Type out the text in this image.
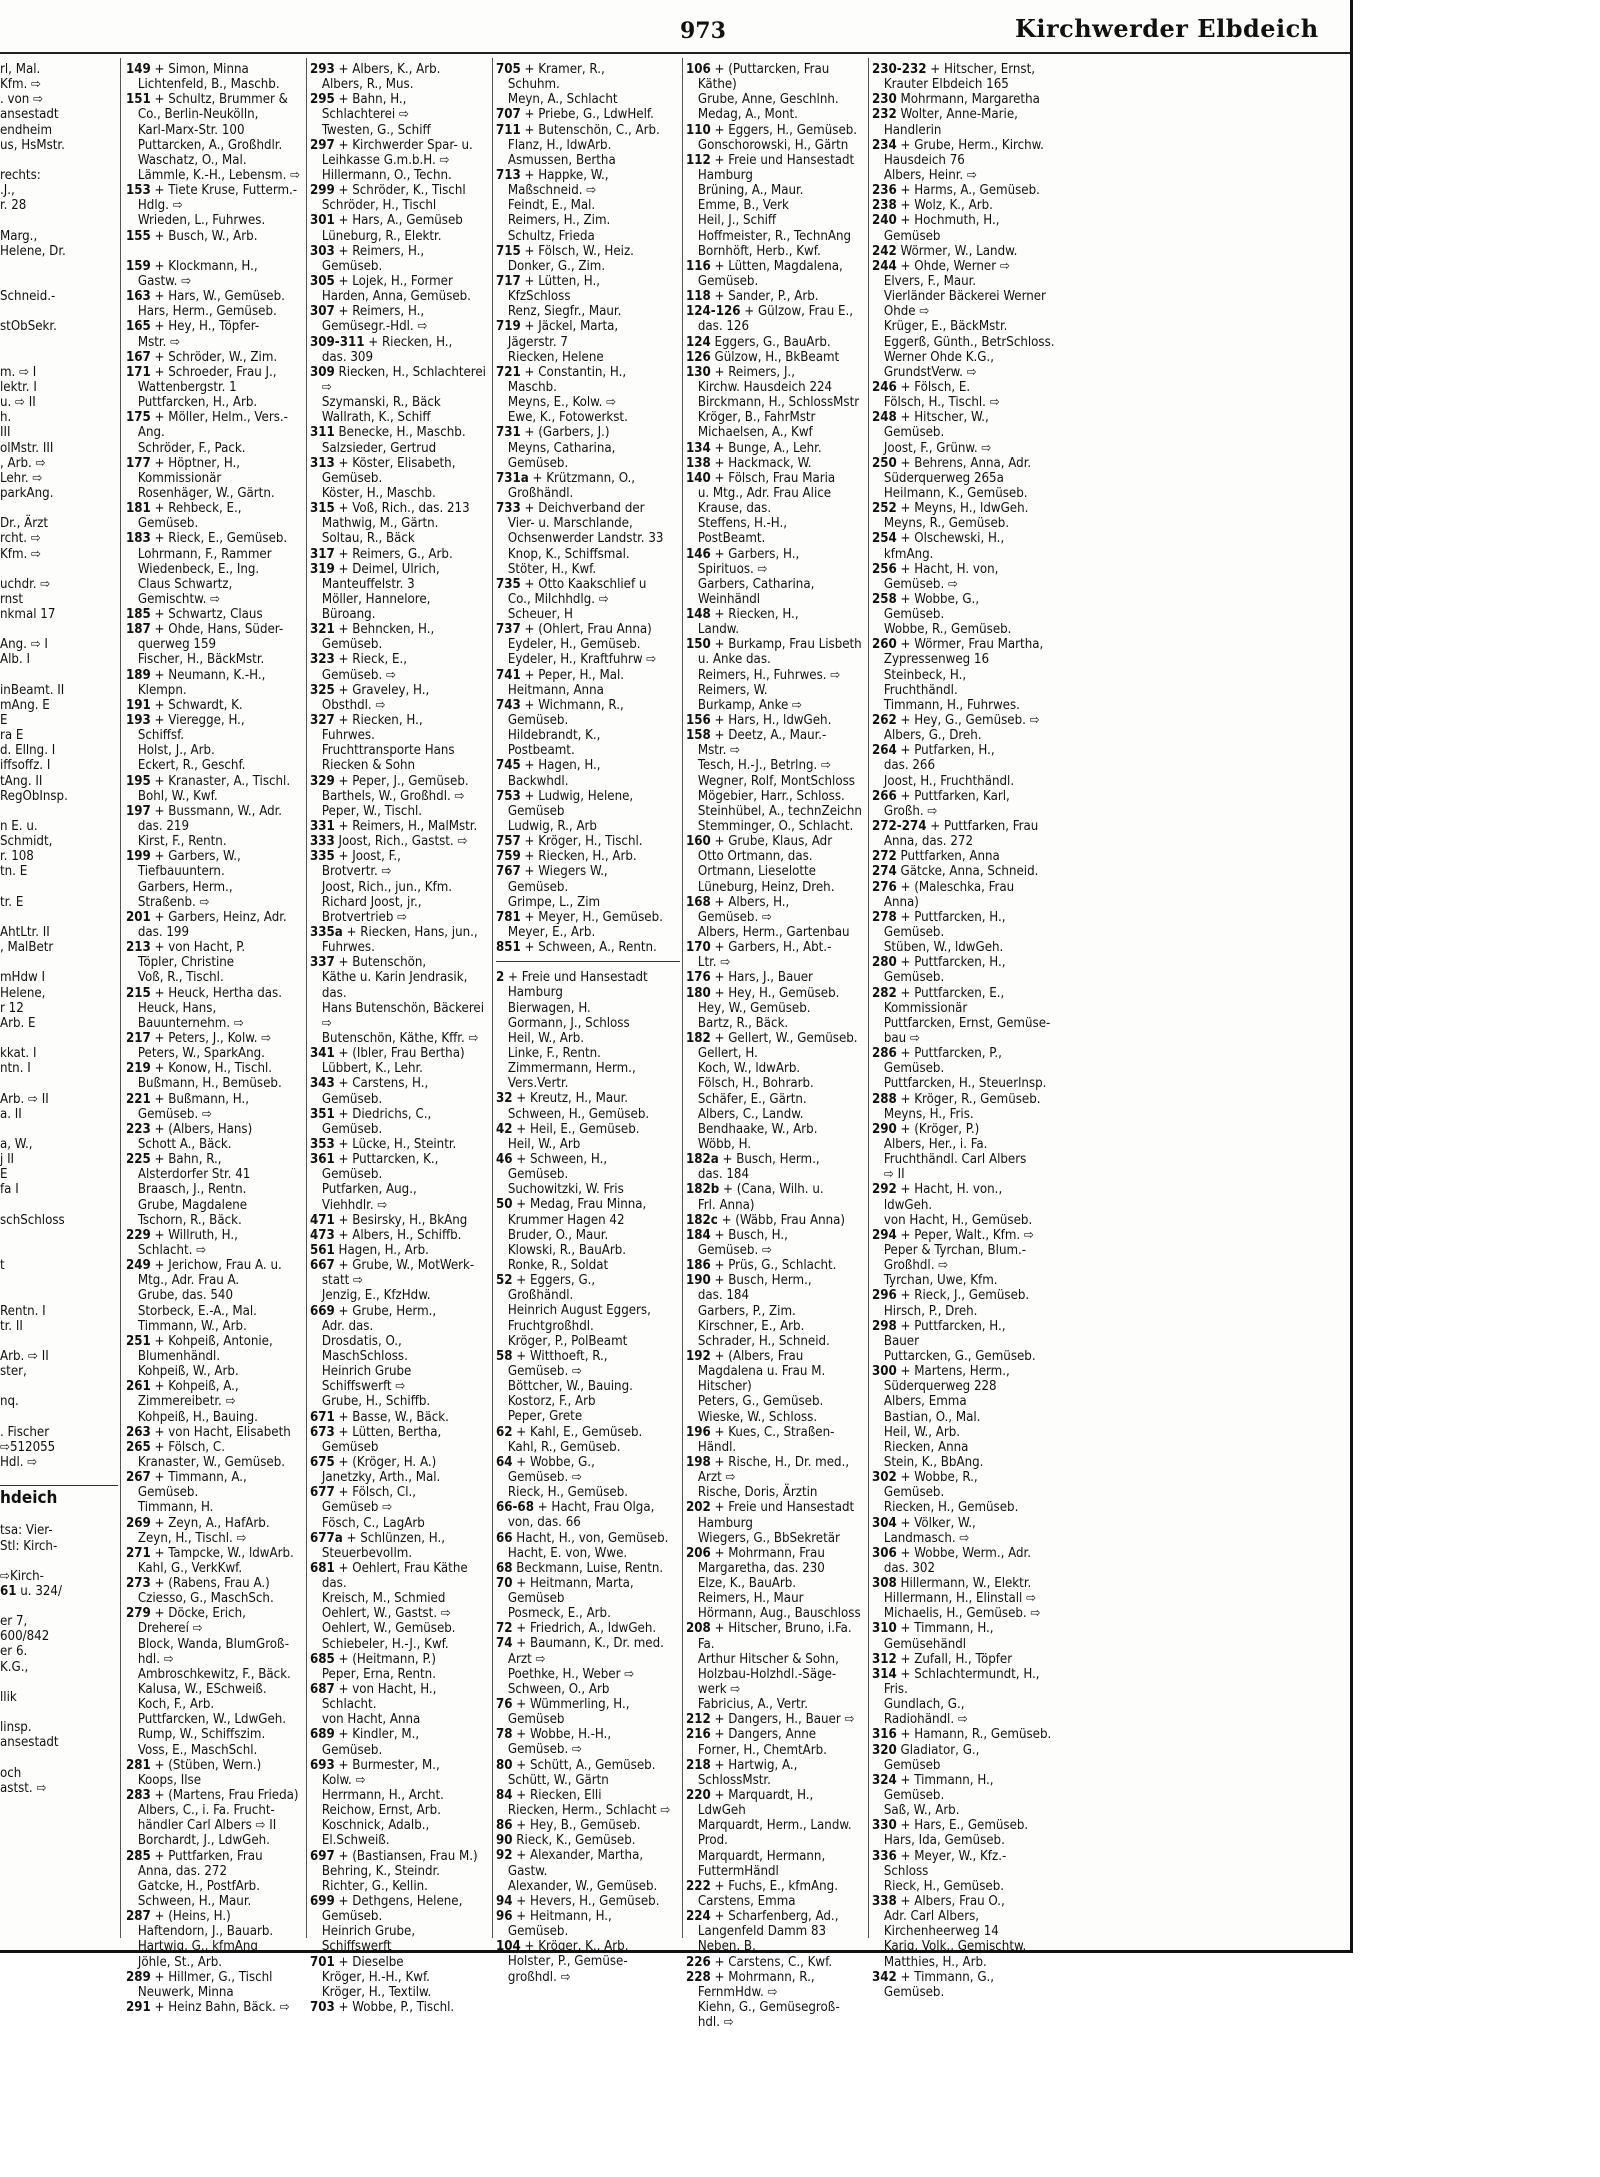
973	Kirchwerder Elbdeich
rl, Mal.
Kfm. ⇨
. von ⇨
ansestadt
endheim
us, HsMstr.
rechts:
.J.,
r. 28
Marg.,
Helene, Dr.
Schneid.-
stObSekr.
m. ⇨ I
lektr. I
u. ⇨ II
h.
III
olMstr. III
, Arb. ⇨
Lehr. ⇨
parkAng.
Dr., Ärzt
rcht. ⇨
Kfm. ⇨
uchdr. ⇨
rnst
nkmal 17
Ang. ⇨ I
Alb. I
inBeamt. II
mAng. E
E
ra E
d. Ellng. I
iffsoffz. I
tAng. II
RegObInsp.
n E. u.
Schmidt,
r. 108
tn. E
tr. E
AhtLtr. II
, MalBetr
mHdw I
Helene,
r 12
Arb. E
kkat. I
ntn. I
Arb. ⇨ II
a. II
a, W.,
j II
E
fa I
schSchloss
t
Rentn. I
tr. II
Arb. ⇨ II
ster,
nq.
. Fischer
⇨512055
Hdl. ⇨
hdeich
tsa: Vier-
Stl: Kirch-
⇨Kirch-
61 u. 324/
er 7,
600/842
er 6.
K.G.,
llik
linsp.
ansestadt
och
astst. ⇨
149 + Simon, Minna
 Lichtenfeld, B., Maschb.
151 + Schultz, Brummer &
 Co., Berlin-Neukölln,
 Karl-Marx-Str. 100
 Puttarcken, A., Großhdlr.
 Waschatz, O., Mal.
 Lämmle, K.-H., Lebensm. ⇨
153 + Tiete Kruse, Futterm.-
 Hdlg. ⇨
 Wrieden, L., Fuhrwes.
155 + Busch, W., Arb.
159 + Klockmann, H.,
 Gastw. ⇨
163 + Hars, W., Gemüseb.
 Hars, Herm., Gemüseb.
165 + Hey, H., Töpfer-
 Mstr. ⇨
167 + Schröder, W., Zim.
171 + Schroeder, Frau J.,
 Wattenbergstr. 1
 Puttfarcken, H., Arb.
175 + Möller, Helm., Vers.-
 Ang.
 Schröder, F., Pack.
177 + Höptner, H.,
 Kommissionär
 Rosenhäger, W., Gärtn.
181 + Rehbeck, E.,
 Gemüseb.
183 + Rieck, E., Gemüseb.
 Lohrmann, F., Rammer
 Wiedenbeck, E., Ing.
 Claus Schwartz,
 Gemischtw. ⇨
185 + Schwartz, Claus
187 + Ohde, Hans, Süder-
 querweg 159
 Fischer, H., BäckMstr.
189 + Neumann, K.-H.,
 Klempn.
191 + Schwardt, K.
193 + Vieregge, H.,
 Schiffsf.
 Holst, J., Arb.
 Eckert, R., Geschf.
195 + Kranaster, A., Tischl.
 Bohl, W., Kwf.
197 + Bussmann, W., Adr.
 das. 219
 Kirst, F., Rentn.
199 + Garbers, W.,
 Tiefbauuntern.
 Garbers, Herm.,
 Straßenb. ⇨
201 + Garbers, Heinz, Adr.
 das. 199
213 + von Hacht, P.
 Töpler, Christine
 Voß, R., Tischl.
215 + Heuck, Hertha das.
 Heuck, Hans,
 Bauunternehm. ⇨
217 + Peters, J., Kolw. ⇨
 Peters, W., SparkAng.
219 + Konow, H., Tischl.
 Bußmann, H., Bemüseb.
221 + Bußmann, H.,
 Gemüseb. ⇨
223 + (Albers, Hans)
 Schott A., Bäck.
225 + Bahn, R.,
 Alsterdorfer Str. 41
 Braasch, J., Rentn.
 Grube, Magdalene
 Tschorn, R., Bäck.
229 + Willruth, H.,
 Schlacht. ⇨
249 + Jerichow, Frau A. u.
 Mtg., Adr. Frau A.
 Grube, das. 540
 Storbeck, E.-A., Mal.
 Timmann, W., Arb.
251 + Kohpeiß, Antonie,
 Blumenhändl.
 Kohpeiß, W., Arb.
261 + Kohpeiß, A.,
 Zimmereibetr. ⇨
 Kohpeiß, H., Bauing.
263 + von Hacht, Elisabeth
265 + Fölsch, C.
 Kranaster, W., Gemüseb.
267 + Timmann, A.,
 Gemüseb.
 Timmann, H.
269 + Zeyn, A., HafArb.
 Zeyn, H., Tischl. ⇨
271 + Tampcke, W., ldwArb.
 Kahl, G., VerkKwf.
273 + (Rabens, Frau A.)
 Cziesso, G., MaschSch.
279 + Döcke, Erich,
 Drehereí ⇨
 Block, Wanda, BlumGroß-
 hdl. ⇨
 Ambroschkewitz, F., Bäck.
 Kalusa, W., ESchweiß.
 Koch, F., Arb.
 Puttfarcken, W., LdwGeh.
 Rump, W., Schiffszim.
 Voss, E., MaschSchl.
281 + (Stüben, Wern.)
 Koops, Ilse
283 + (Martens, Frau Frieda)
 Albers, C., i. Fa. Frucht-
 händler Carl Albers ⇨ II
 Borchardt, J., LdwGeh.
285 + Puttfarken, Frau
 Anna, das. 272
 Gatcke, H., PostfArb.
 Schween, H., Maur.
287 + (Heins, H.)
 Haftendorn, J., Bauarb.
 Hartwig, G., kfmAng
 Jöhle, St., Arb.
289 + Hillmer, G., Tischl
 Neuwerk, Minna
291 + Heinz Bahn, Bäck. ⇨
293 + Albers, K., Arb.
 Albers, R., Mus.
295 + Bahn, H.,
 Schlachterei ⇨
 Twesten, G., Schiff
297 + Kirchwerder Spar- u.
 Leihkasse G.m.b.H. ⇨
 Hillermann, O., Techn.
299 + Schröder, K., Tischl
 Schröder, H., Tischl
301 + Hars, A., Gemüseb
 Lüneburg, R., Elektr.
303 + Reimers, H.,
 Gemüseb.
305 + Lojek, H., Former
 Harden, Anna, Gemüseb.
307 + Reimers, H.,
 Gemüsegr.-Hdl. ⇨
309-311 + Riecken, H.,
 das. 309
309 Riecken, H., Schlachterei
 ⇨
 Szymanski, R., Bäck
 Wallrath, K., Schiff
311 Benecke, H., Maschb.
 Salzsieder, Gertrud
313 + Köster, Elisabeth,
 Gemüseb.
 Köster, H., Maschb.
315 + Voß, Rich., das. 213
 Mathwig, M., Gärtn.
 Soltau, R., Bäck
317 + Reimers, G., Arb.
319 + Deimel, Ulrich,
 Manteuffelstr. 3
 Möller, Hannelore,
 Büroang.
321 + Behncken, H.,
 Gemüseb.
323 + Rieck, E.,
 Gemüseb. ⇨
325 + Graveley, H.,
 Obsthdl. ⇨
327 + Riecken, H.,
 Fuhrwes.
 Fruchttransporte Hans
 Riecken & Sohn
329 + Peper, J., Gemüseb.
 Barthels, W., Großhdl. ⇨
 Peper, W., Tischl.
331 + Reimers, H., MalMstr.
333 Joost, Rich., Gastst. ⇨
335 + Joost, F.,
 Brotvertr. ⇨
 Joost, Rich., jun., Kfm.
 Richard Joost, jr.,
 Brotvertrieb ⇨
335a + Riecken, Hans, jun.,
 Fuhrwes.
337 + Butenschön,
 Käthe u. Karin Jendrasik,
 das.
 Hans Butenschön, Bäckerei
 ⇨
 Butenschön, Käthe, Kffr. ⇨
341 + (Ibler, Frau Bertha)
 Lübbert, K., Lehr.
343 + Carstens, H.,
 Gemüseb.
351 + Diedrichs, C.,
 Gemüseb.
353 + Lücke, H., Steintr.
361 + Puttarcken, K.,
 Gemüseb.
 Putfarken, Aug.,
 Viehhdlr. ⇨
471 + Besirsky, H., BkAng
473 + Albers, H., Schiffb.
561 Hagen, H., Arb.
667 + Grube, W., MotWerk-
 statt ⇨
 Jenzig, E., KfzHdw.
669 + Grube, Herm.,
 Adr. das.
 Drosdatis, O.,
 MaschSchloss.
 Heinrich Grube
 Schiffswerft ⇨
 Grube, H., Schiffb.
671 + Basse, W., Bäck.
673 + Lütten, Bertha,
 Gemüseb
675 + (Kröger, H. A.)
 Janetzky, Arth., Mal.
677 + Fölsch, Cl.,
 Gemüseb ⇨
 Fösch, C., LagArb
677a + Schlünzen, H.,
 Steuerbevollm.
681 + Oehlert, Frau Käthe
 das.
 Kreisch, M., Schmied
 Oehlert, W., Gastst. ⇨
 Oehlert, W., Gemüseb.
 Schiebeler, H.-J., Kwf.
685 + (Heitmann, P.)
 Peper, Erna, Rentn.
687 + von Hacht, H.,
 Schlacht.
 von Hacht, Anna
689 + Kindler, M.,
 Gemüseb.
693 + Burmester, M.,
 Kolw. ⇨
 Herrmann, H., Archt.
 Reichow, Ernst, Arb.
 Koschnick, Adalb.,
 El.Schweiß.
697 + (Bastiansen, Frau M.)
 Behring, K., Steindr.
 Richter, G., Kellin.
699 + Dethgens, Helene,
 Gemüseb.
 Heinrich Grube,
 Schiffswerft
701 + Dieselbe
 Kröger, H.-H., Kwf.
 Kröger, H., Textilw.
703 + Wobbe, P., Tischl.
705 + Kramer, R.,
 Schuhm.
 Meyn, A., Schlacht
707 + Priebe, G., LdwHelf.
711 + Butenschön, C., Arb.
 Flanz, H., ldwArb.
 Asmussen, Bertha
713 + Happke, W.,
 Maßschneid. ⇨
 Feindt, E., Mal.
 Reimers, H., Zim.
 Schultz, Frieda
715 + Fölsch, W., Heiz.
 Donker, G., Zim.
717 + Lütten, H.,
 KfzSchloss
 Renz, Siegfr., Maur.
719 + Jäckel, Marta,
 Jägerstr. 7
 Riecken, Helene
721 + Constantin, H.,
 Maschb.
 Meyns, E., Kolw. ⇨
 Ewe, K., Fotowerkst.
731 + (Garbers, J.)
 Meyns, Catharina,
 Gemüseb.
731a + Krützmann, O.,
 Großhändl.
733 + Deichverband der
 Vier- u. Marschlande,
 Ochsenwerder Landstr. 33
 Knop, K., Schiffsmal.
 Stöter, H., Kwf.
735 + Otto Kaakschlief u
 Co., Milchhdlg. ⇨
 Scheuer, H
737 + (Ohlert, Frau Anna)
 Eydeler, H., Gemüseb.
 Eydeler, H., Kraftfuhrw ⇨
741 + Peper, H., Mal.
 Heitmann, Anna
743 + Wichmann, R.,
 Gemüseb.
 Hildebrandt, K.,
 Postbeamt.
745 + Hagen, H.,
 Backwhdl.
753 + Ludwig, Helene,
 Gemüseb
 Ludwig, R., Arb
757 + Kröger, H., Tischl.
759 + Riecken, H., Arb.
767 + Wiegers W.,
 Gemüseb.
 Grimpe, L., Zim
781 + Meyer, H., Gemüseb.
 Meyer, E., Arb.
851 + Schween, A., Rentn.
2 + Freie und Hansestadt
 Hamburg
 Bierwagen, H.
 Gormann, J., Schloss
 Heil, W., Arb.
 Linke, F., Rentn.
 Zimmermann, Herm.,
 Vers.Vertr.
32 + Kreutz, H., Maur.
 Schween, H., Gemüseb.
42 + Heil, E., Gemüseb.
 Heil, W., Arb
46 + Schween, H.,
 Gemüseb.
 Suchowitzki, W. Fris
50 + Medag, Frau Minna,
 Krummer Hagen 42
 Bruder, O., Maur.
 Klowski, R., BauArb.
 Ronke, R., Soldat
52 + Eggers, G.,
 Großhändl.
 Heinrich August Eggers,
 Fruchtgroßhdl.
 Kröger, P., PolBeamt
58 + Witthoeft, R.,
 Gemüseb. ⇨
 Böttcher, W., Bauing.
 Kostorz, F., Arb
 Peper, Grete
62 + Kahl, E., Gemüseb.
 Kahl, R., Gemüseb.
64 + Wobbe, G.,
 Gemüseb. ⇨
 Rieck, H., Gemüseb.
66-68 + Hacht, Frau Olga,
 von, das. 66
66 Hacht, H., von, Gemüseb.
 Hacht, E. von, Wwe.
68 Beckmann, Luise, Rentn.
70 + Heitmann, Marta,
 Gemüseb
 Posmeck, E., Arb.
72 + Friedrich, A., ldwGeh.
74 + Baumann, K., Dr. med.
 Arzt ⇨
 Poethke, H., Weber ⇨
 Schween, O., Arb
76 + Wümmerling, H.,
 Gemüseb
78 + Wobbe, H.-H.,
 Gemüseb. ⇨
80 + Schütt, A., Gemüseb.
 Schütt, W., Gärtn
84 + Riecken, Elli
 Riecken, Herm., Schlacht ⇨
86 + Hey, B., Gemüseb.
90 Rieck, K., Gemüseb.
92 + Alexander, Martha,
 Gastw.
 Alexander, W., Gemüseb.
94 + Hevers, H., Gemüseb.
96 + Heitmann, H.,
 Gemüseb.
104 + Kröger, K., Arb.
 Holster, P., Gemüse-
 großhdl. ⇨
106 + (Puttarcken, Frau
 Käthe)
 Grube, Anne, Geschlnh.
 Medag, A., Mont.
110 + Eggers, H., Gemüseb.
 Gonschorowski, H., Gärtn
112 + Freie und Hansestadt
 Hamburg
 Brüning, A., Maur.
 Emme, B., Verk
 Heil, J., Schiff
 Hoffmeister, R., TechnAng
 Bornhöft, Herb., Kwf.
116 + Lütten, Magdalena,
 Gemüseb.
118 + Sander, P., Arb.
124-126 + Gülzow, Frau E.,
 das. 126
124 Eggers, G., BauArb.
126 Gülzow, H., BkBeamt
130 + Reimers, J.,
 Kirchw. Hausdeich 224
 Birckmann, H., SchlossMstr
 Kröger, B., FahrMstr
 Michaelsen, A., Kwf
134 + Bunge, A., Lehr.
138 + Hackmack, W.
140 + Fölsch, Frau Maria
 u. Mtg., Adr. Frau Alice
 Krause, das.
 Steffens, H.-H.,
 PostBeamt.
146 + Garbers, H.,
 Spirituos. ⇨
 Garbers, Catharina,
 Weinhändl
148 + Riecken, H.,
 Landw.
150 + Burkamp, Frau Lisbeth
 u. Anke das.
 Reimers, H., Fuhrwes. ⇨
 Reimers, W.
 Burkamp, Anke ⇨
156 + Hars, H., ldwGeh.
158 + Deetz, A., Maur.-
 Mstr. ⇨
 Tesch, H.-J., Betrlng. ⇨
 Wegner, Rolf, MontSchloss
 Mögebier, Harr., Schloss.
 Steinhübel, A., technZeichn
 Stemminger, O., Schlacht.
160 + Grube, Klaus, Adr
 Otto Ortmann, das.
 Ortmann, Lieselotte
 Lüneburg, Heinz, Dreh.
168 + Albers, H.,
 Gemüseb. ⇨
 Albers, Herm., Gartenbau
170 + Garbers, H., Abt.-
 Ltr. ⇨
176 + Hars, J., Bauer
180 + Hey, H., Gemüseb.
 Hey, W., Gemüseb.
 Bartz, R., Bäck.
182 + Gellert, W., Gemüseb.
 Gellert, H.
 Koch, W., ldwArb.
 Fölsch, H., Bohrarb.
 Schäfer, E., Gärtn.
 Albers, C., Landw.
 Bendhaake, W., Arb.
 Wöbb, H.
182a + Busch, Herm.,
 das. 184
182b + (Cana, Wilh. u.
 Frl. Anna)
182c + (Wäbb, Frau Anna)
184 + Busch, H.,
 Gemüseb. ⇨
186 + Prüs, G., Schlacht.
190 + Busch, Herm.,
 das. 184
 Garbers, P., Zim.
 Kirschner, E., Arb.
 Schrader, H., Schneid.
192 + (Albers, Frau
 Magdalena u. Frau M.
 Hitscher)
 Peters, G., Gemüseb.
 Wieske, W., Schloss.
196 + Kues, C., Straßen-
 Händl.
198 + Rische, H., Dr. med.,
 Arzt ⇨
 Rische, Doris, Ärztin
202 + Freie und Hansestadt
 Hamburg
 Wiegers, G., BbSekretär
206 + Mohrmann, Frau
 Margaretha, das. 230
 Elze, K., BauArb.
 Reimers, H., Maur
 Hörmann, Aug., Bauschloss
208 + Hitscher, Bruno, i.Fa.
 Fa.
 Arthur Hitscher & Sohn,
 Holzbau-Holzhdl.-Säge-
 werk ⇨
 Fabricius, A., Vertr.
212 + Dangers, H., Bauer ⇨
216 + Dangers, Anne
 Forner, H., ChemtArb.
218 + Hartwig, A.,
 SchlossMstr.
220 + Marquardt, H.,
 LdwGeh
 Marquardt, Herm., Landw.
 Prod.
 Marquardt, Hermann,
 FuttermHändl
222 + Fuchs, E., kfmAng.
 Carstens, Emma
224 + Scharfenberg, Ad.,
 Langenfeld Damm 83
 Neben, B.
226 + Carstens, C., Kwf.
228 + Mohrmann, R.,
 FernmHdw. ⇨
 Kiehn, G., Gemüsegroß-
 hdl. ⇨
230-232 + Hitscher, Ernst,
 Krauter Elbdeich 165
230 Mohrmann, Margaretha
232 Wolter, Anne-Marie,
 Handlerin
234 + Grube, Herm., Kirchw.
 Hausdeich 76
 Albers, Heinr. ⇨
236 + Harms, A., Gemüseb.
238 + Wolz, K., Arb.
240 + Hochmuth, H.,
 Gemüseb
242 Wörmer, W., Landw.
244 + Ohde, Werner ⇨
 Elvers, F., Maur.
 Vierländer Bäckerei Werner
 Ohde ⇨
 Krüger, E., BäckMstr.
 Eggerß, Günth., BetrSchloss.
 Werner Ohde K.G.,
 GrundstVerw. ⇨
246 + Fölsch, E.
 Fölsch, H., Tischl. ⇨
248 + Hitscher, W.,
 Gemüseb.
 Joost, F., Grünw. ⇨
250 + Behrens, Anna, Adr.
 Süderquerweg 265a
 Heilmann, K., Gemüseb.
252 + Meyns, H., ldwGeh.
 Meyns, R., Gemüseb.
254 + Olschewski, H.,
 kfmAng.
256 + Hacht, H. von,
 Gemüseb. ⇨
258 + Wobbe, G.,
 Gemüseb.
 Wobbe, R., Gemüseb.
260 + Wörmer, Frau Martha,
 Zypressenweg 16
 Steinbeck, H.,
 Fruchthändl.
 Timmann, H., Fuhrwes.
262 + Hey, G., Gemüseb. ⇨
 Albers, G., Dreh.
264 + Putfarken, H.,
 das. 266
 Joost, H., Fruchthändl.
266 + Puttfarken, Karl,
 Großh. ⇨
272-274 + Puttfarken, Frau
 Anna, das. 272
272 Puttfarken, Anna
274 Gätcke, Anna, Schneid.
276 + (Maleschka, Frau
 Anna)
278 + Puttfarcken, H.,
 Gemüseb.
 Stüben, W., ldwGeh.
280 + Puttfarcken, H.,
 Gemüseb.
282 + Puttfarcken, E.,
 Kommissionär
 Puttfarcken, Ernst, Gemüse-
 bau ⇨
286 + Puttfarcken, P.,
 Gemüseb.
 Puttfarcken, H., Steuerlnsp.
288 + Kröger, R., Gemüseb.
 Meyns, H., Fris.
290 + (Kröger, P.)
 Albers, Her., i. Fa.
 Fruchthändl. Carl Albers
 ⇨ II
292 + Hacht, H. von.,
 ldwGeh.
 von Hacht, H., Gemüseb.
294 + Peper, Walt., Kfm. ⇨
 Peper & Tyrchan, Blum.-
 Großhdl. ⇨
 Tyrchan, Uwe, Kfm.
296 + Rieck, J., Gemüseb.
 Hirsch, P., Dreh.
298 + Puttfarcken, H.,
 Bauer
 Puttarcken, G., Gemüseb.
300 + Martens, Herm.,
 Süderquerweg 228
 Albers, Emma
 Bastian, O., Mal.
 Heil, W., Arb.
 Riecken, Anna
 Stein, K., BbAng.
302 + Wobbe, R.,
 Gemüseb.
 Riecken, H., Gemüseb.
304 + Völker, W.,
 Landmasch. ⇨
306 + Wobbe, Werm., Adr.
 das. 302
308 Hillermann, W., Elektr.
 Hillermann, H., Elinstall ⇨
 Michaelis, H., Gemüseb. ⇨
310 + Timmann, H.,
 Gemüsehändl
312 + Zufall, H., Töpfer
314 + Schlachtermundt, H.,
 Fris.
 Gundlach, G.,
 Radiohändl. ⇨
316 + Hamann, R., Gemüseb.
320 Gladiator, G.,
 Gemüseb
324 + Timmann, H.,
 Gemüseb.
 Saß, W., Arb.
330 + Hars, E., Gemüseb.
 Hars, Ida, Gemüseb.
336 + Meyer, W., Kfz.-
 Schloss
 Rieck, H., Gemüseb.
338 + Albers, Frau O.,
 Adr. Carl Albers,
 Kirchenheerweg 14
 Karig, Volk., Gemischtw.
 Matthies, H., Arb.
342 + Timmann, G.,
 Gemüseb.
